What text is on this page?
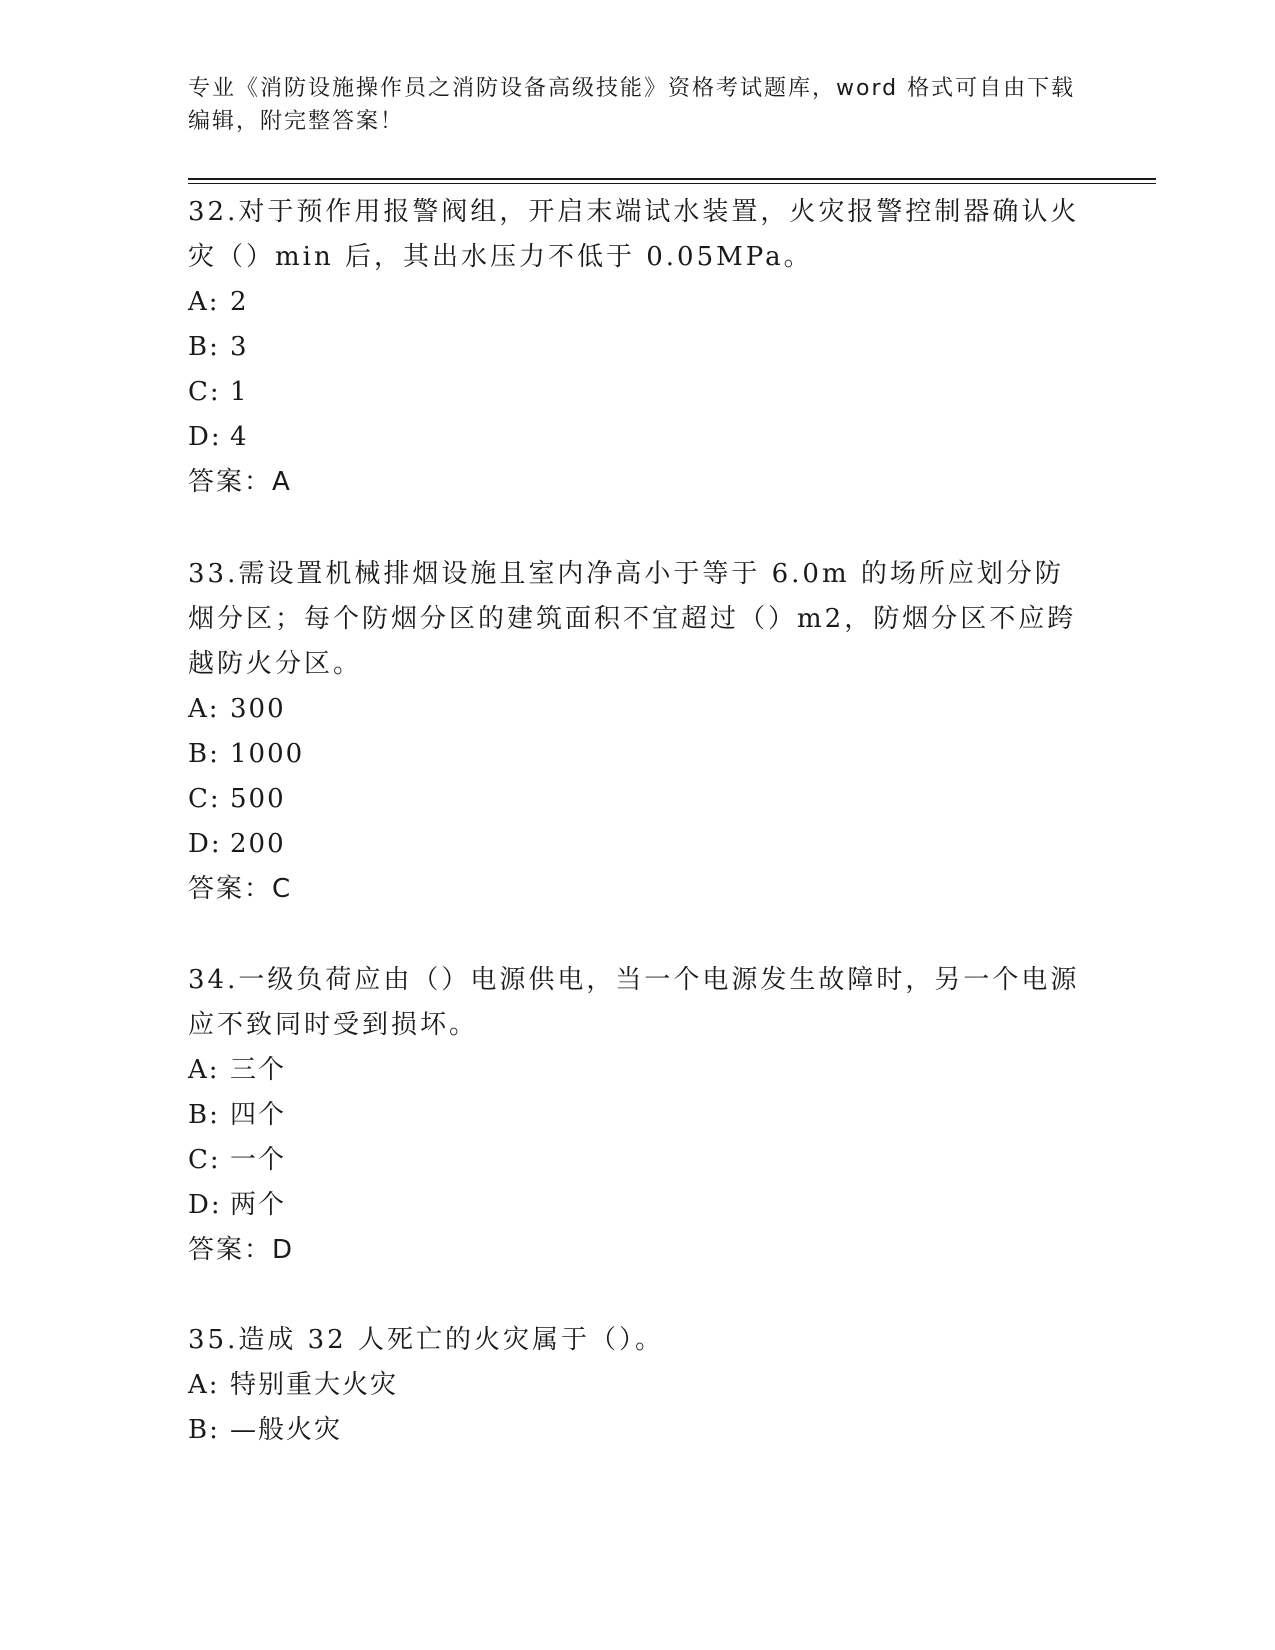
专业《消防设施操作员之消防设备高级技能》资格考试题库，word 格式可自由下载编辑，附完整答案！

32.对于预作用报警阀组，开启末端试水装置，火灾报警控制器确认火灾（）min 后，其出水压力不低于 0.05MPa。

A: 2

B: 3

C: 1

D: 4

答案：A

33.需设置机械排烟设施且室内净高小于等于 6.0m 的场所应划分防烟分区；每个防烟分区的建筑面积不宜超过（）m2，防烟分区不应跨越防火分区。

A: 300

B: 1000

C: 500

D: 200

答案：C

34.一级负荷应由（）电源供电，当一个电源发生故障时，另一个电源应不致同时受到损坏。

A: 三个

B: 四个

C: 一个

D: 两个

答案：D

35.造成 32 人死亡的火灾属于（）。

A: 特别重大火灾

B: —般火灾
